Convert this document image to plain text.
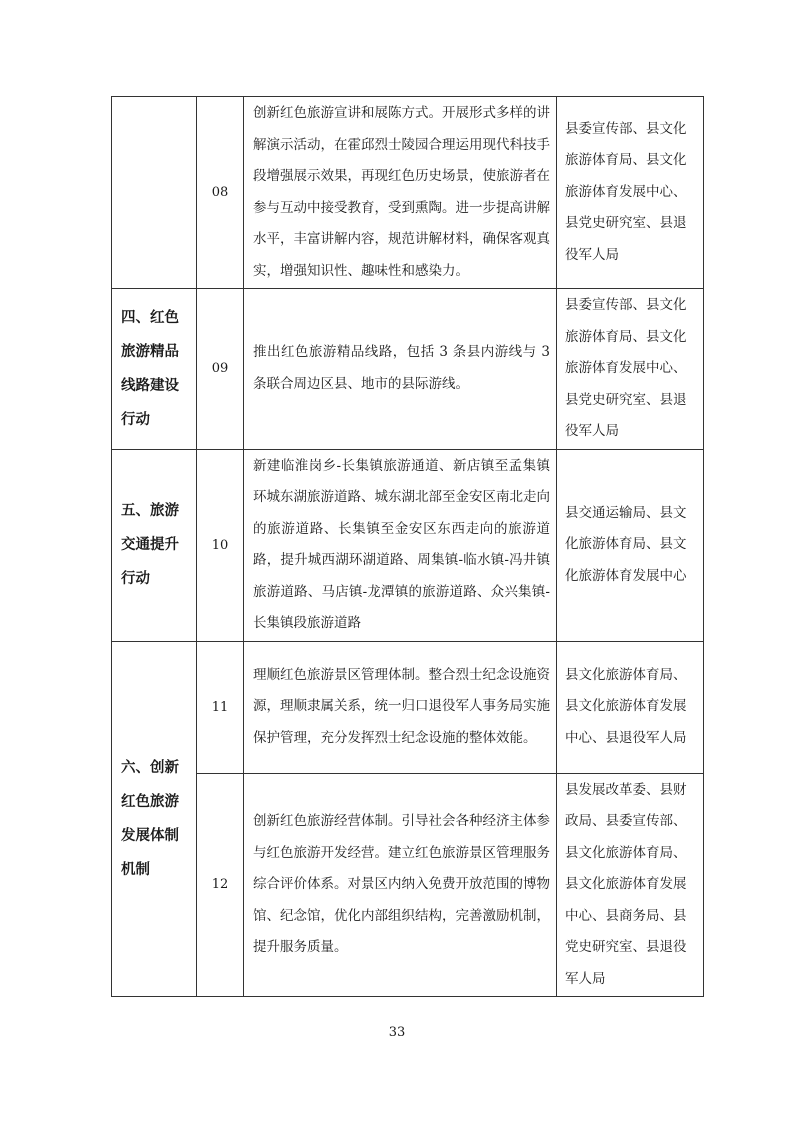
	08	创新红色旅游宣讲和展陈方式。开展形式多样的讲解演示活动，在霍邱烈士陵园合理运用现代科技手段增强展示效果，再现红色历史场景，使旅游者在参与互动中接受教育，受到熏陶。进一步提高讲解水平，丰富讲解内容，规范讲解材料，确保客观真实，增强知识性、趣味性和感染力。	县委宣传部、县文化旅游体育局、县文化旅游体育发展中心、县党史研究室、县退役军人局
四、红色旅游精品线路建设行动	09	推出红色旅游精品线路，包括 3 条县内游线与 3 条联合周边区县、地市的县际游线。	县委宣传部、县文化旅游体育局、县文化旅游体育发展中心、县党史研究室、县退役军人局
五、旅游交通提升行动	10	新建临淮岗乡-长集镇旅游通道、新店镇至孟集镇环城东湖旅游道路、城东湖北部至金安区南北走向的旅游道路、长集镇至金安区东西走向的旅游道路，提升城西湖环湖道路、周集镇-临水镇-冯井镇旅游道路、马店镇-龙潭镇的旅游道路、众兴集镇-长集镇段旅游道路	县交通运输局、县文化旅游体育局、县文化旅游体育发展中心
六、创新红色旅游发展体制机制	11	理顺红色旅游景区管理体制。整合烈士纪念设施资源，理顺隶属关系，统一归口退役军人事务局实施保护管理，充分发挥烈士纪念设施的整体效能。	县文化旅游体育局、县文化旅游体育发展中心、县退役军人局
	12	创新红色旅游经营体制。引导社会各种经济主体参与红色旅游开发经营。建立红色旅游景区管理服务综合评价体系。对景区内纳入免费开放范围的博物馆、纪念馆，优化内部组织结构，完善激励机制，提升服务质量。	县发展改革委、县财政局、县委宣传部、县文化旅游体育局、县文化旅游体育发展中心、县商务局、县党史研究室、县退役军人局
33
